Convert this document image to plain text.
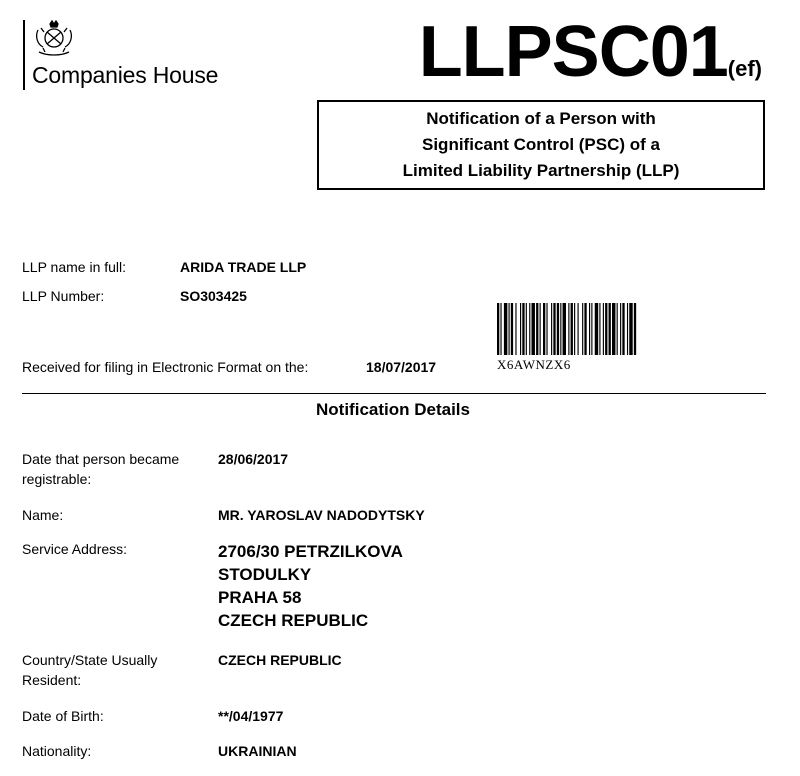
Companies House	LLPSC01(ef)
Notification of a Person with
Significant Control (PSC) of a
Limited Liability Partnership (LLP)
LLP name in full:	ARIDA TRADE LLP
LLP Number:	SO303425
Received for filing in Electronic Format on the:	18/07/2017	X6AWNZX6
Notification Details
Date that person became
registrable:
28/06/2017
Name:	MR. YAROSLAV NADODYTSKY
Service Address:	2706/30 PETRZILKOVA
STODULKY
PRAHA 58
CZECH REPUBLIC
Country/State Usually
Resident:
CZECH REPUBLIC
Date of Birth:	**/04/1977
Nationality:	UKRAINIAN
